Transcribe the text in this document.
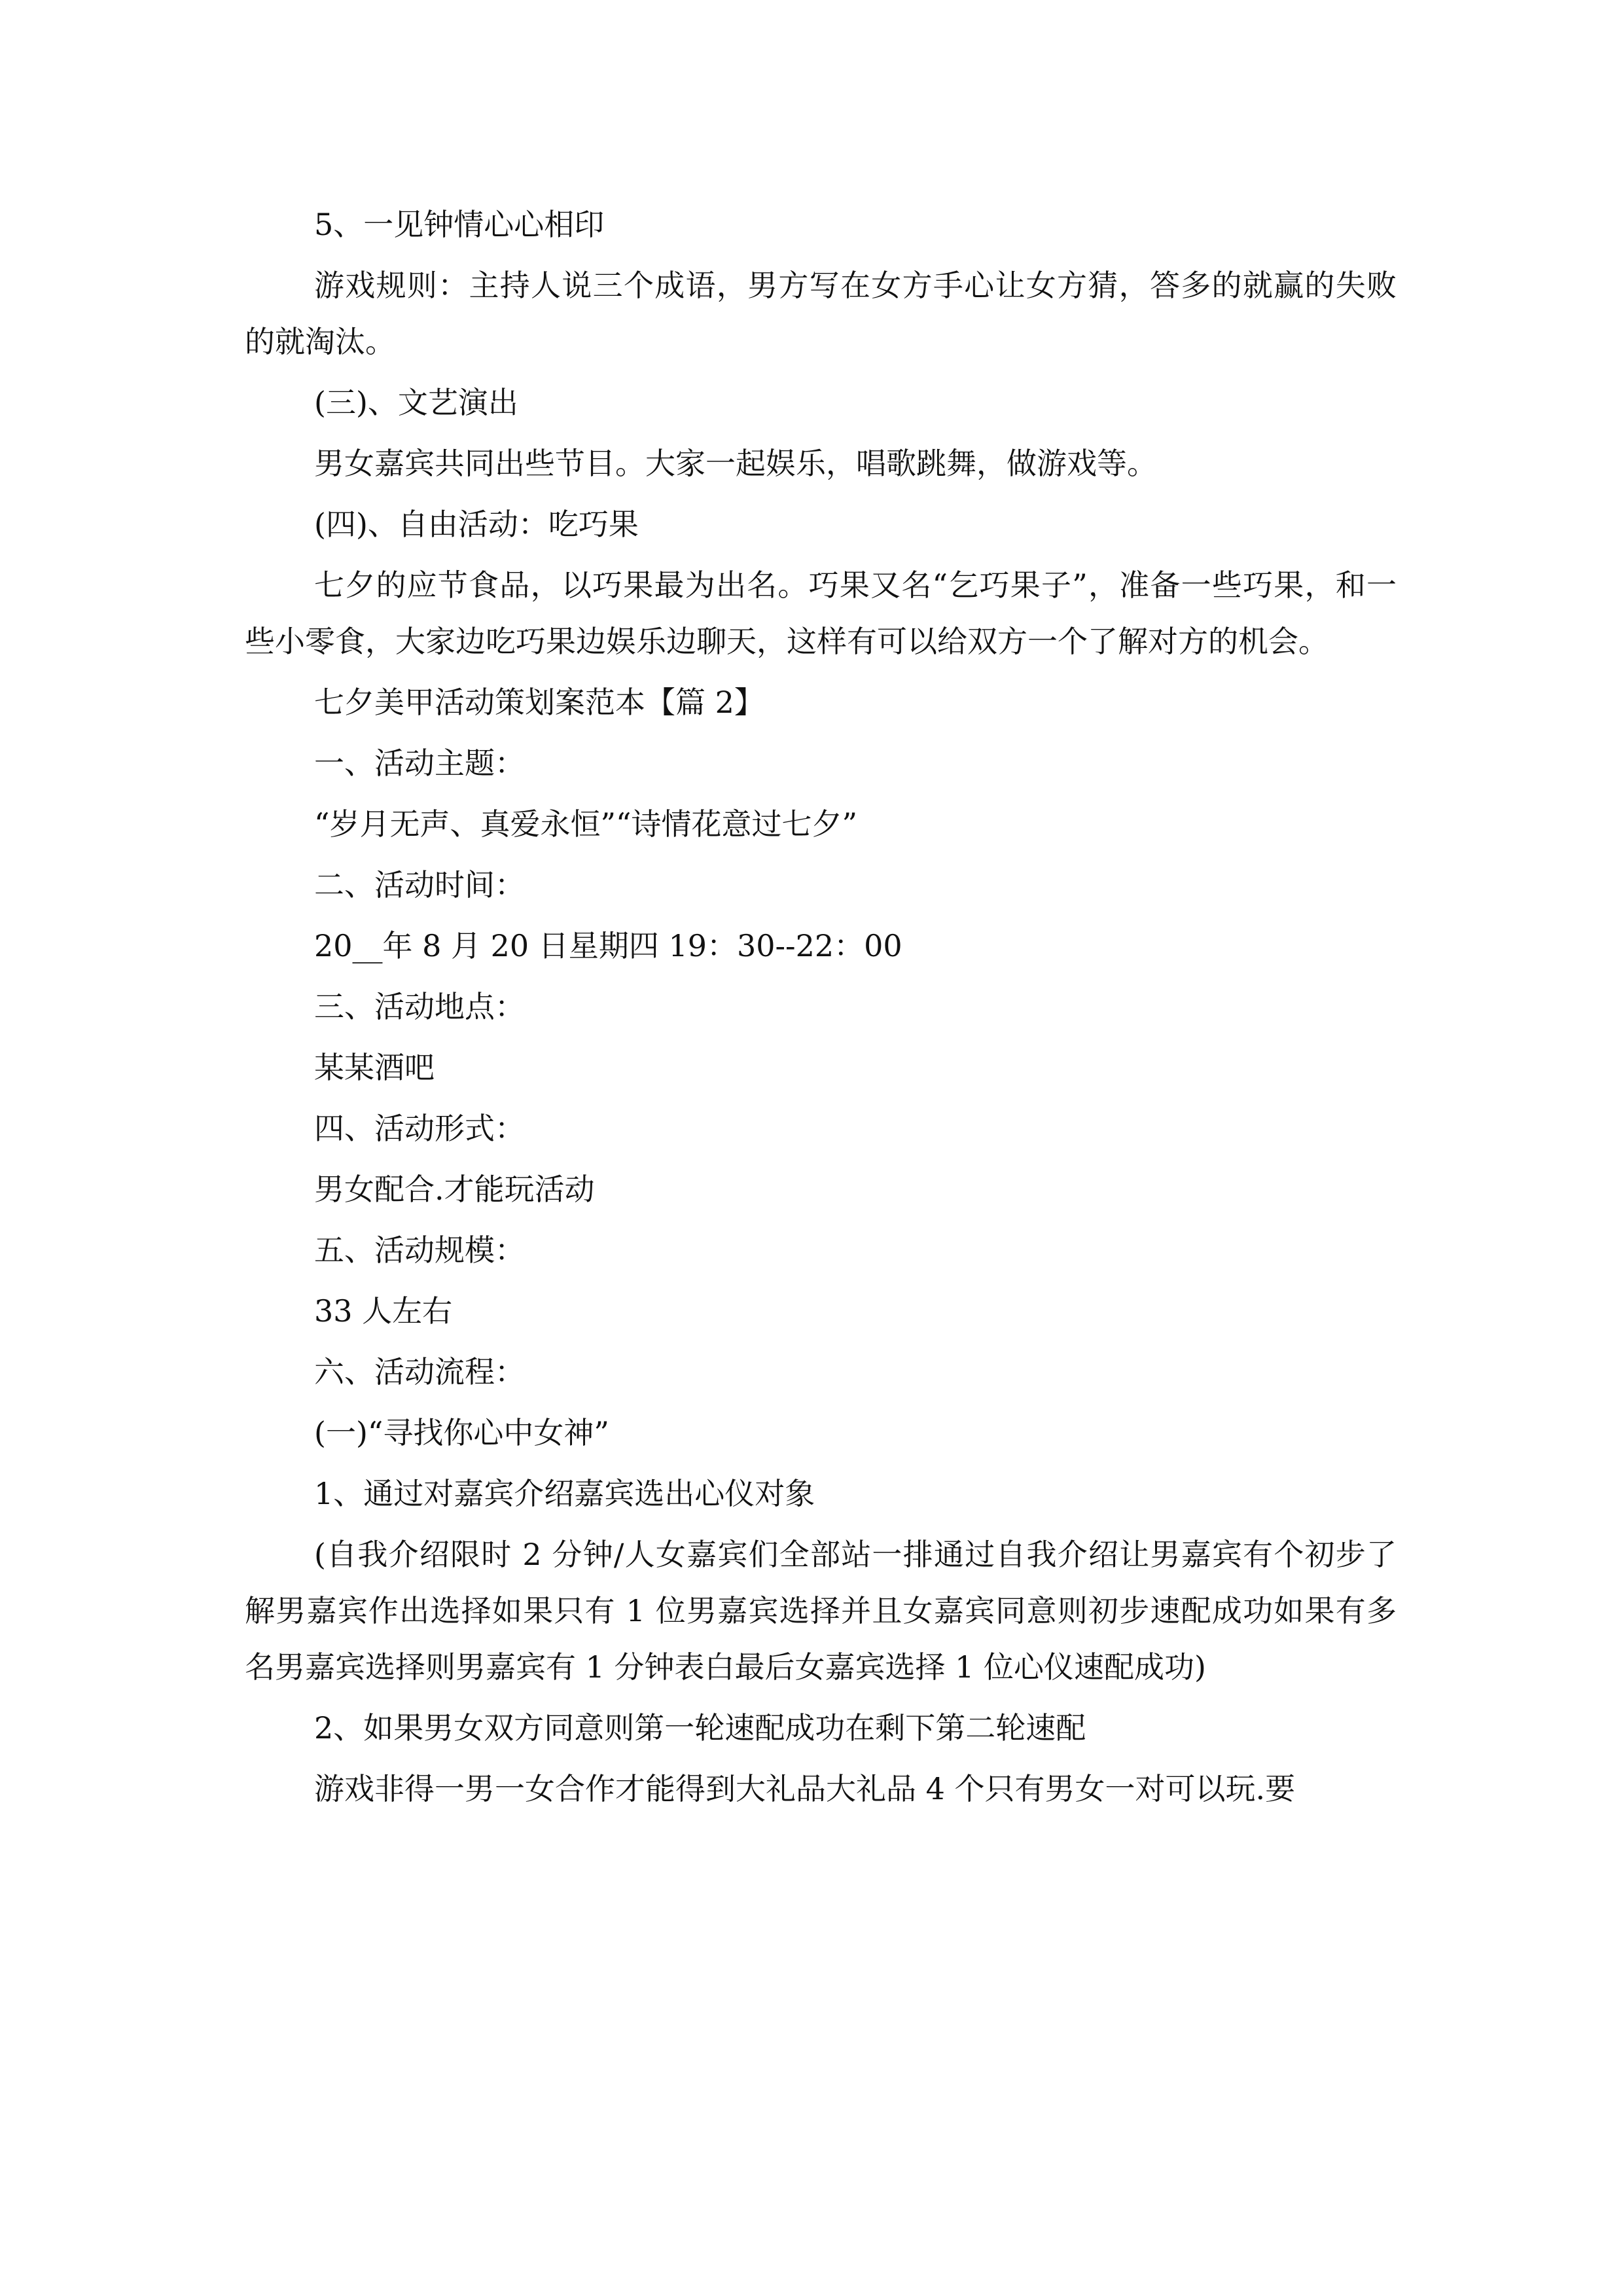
5、一见钟情心心相印

游戏规则：主持人说三个成语，男方写在女方手心让女方猜，答多的就赢的失败的就淘汰。

(三)、文艺演出

男女嘉宾共同出些节目。大家一起娱乐，唱歌跳舞，做游戏等。

(四)、自由活动：吃巧果

七夕的应节食品，以巧果最为出名。巧果又名“乞巧果子”，准备一些巧果，和一些小零食，大家边吃巧果边娱乐边聊天，这样有可以给双方一个了解对方的机会。

七夕美甲活动策划案范本【篇 2】

一、活动主题：

“岁月无声、真爱永恒”“诗情花意过七夕”

二、活动时间：

20__年 8 月 20 日星期四 19：30--22：00

三、活动地点：

某某酒吧

四、活动形式：

男女配合.才能玩活动

五、活动规模：

33 人左右

六、活动流程：

(一)“寻找你心中女神”

1、通过对嘉宾介绍嘉宾选出心仪对象

(自我介绍限时 2 分钟/人女嘉宾们全部站一排通过自我介绍让男嘉宾有个初步了解男嘉宾作出选择如果只有 1 位男嘉宾选择并且女嘉宾同意则初步速配成功如果有多名男嘉宾选择则男嘉宾有 1 分钟表白最后女嘉宾选择 1 位心仪速配成功)

2、如果男女双方同意则第一轮速配成功在剩下第二轮速配

游戏非得一男一女合作才能得到大礼品大礼品 4 个只有男女一对可以玩.要
